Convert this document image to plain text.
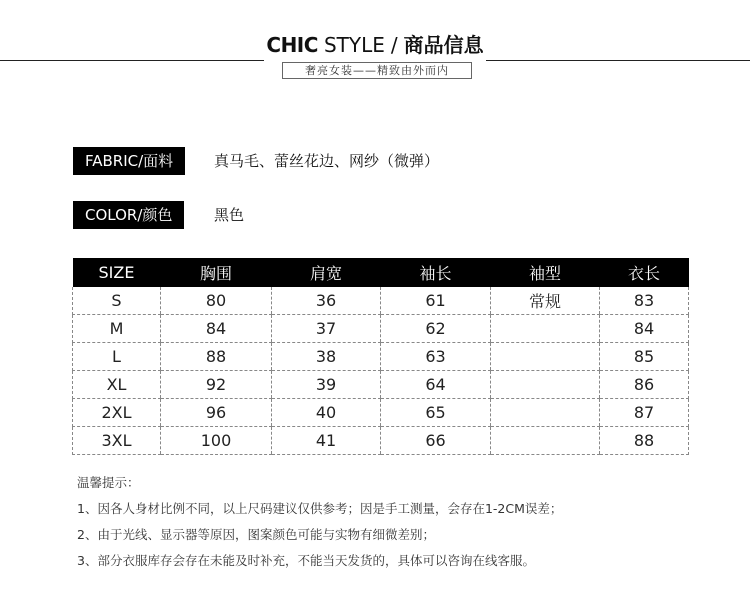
CHIC STYLE / 商品信息
奢亮女装——精致由外而内
FABRIC/面料	真马毛、蕾丝花边、网纱（微弹）
COLOR/颜色	黑色
SIZE	胸围	肩宽	袖长	袖型	衣长
S	80	36	61	常规	83
M	84	37	62		84
L	88	38	63		85
XL	92	39	64		86
2XL	96	40	65		87
3XL	100	41	66		88
温馨提示：
1、因各人身材比例不同，以上尺码建议仅供参考；因是手工测量，会存在1-2CM误差；
2、由于光线、显示器等原因，图案颜色可能与实物有细微差别；
3、部分衣服库存会存在未能及时补充，不能当天发货的，具体可以咨询在线客服。
